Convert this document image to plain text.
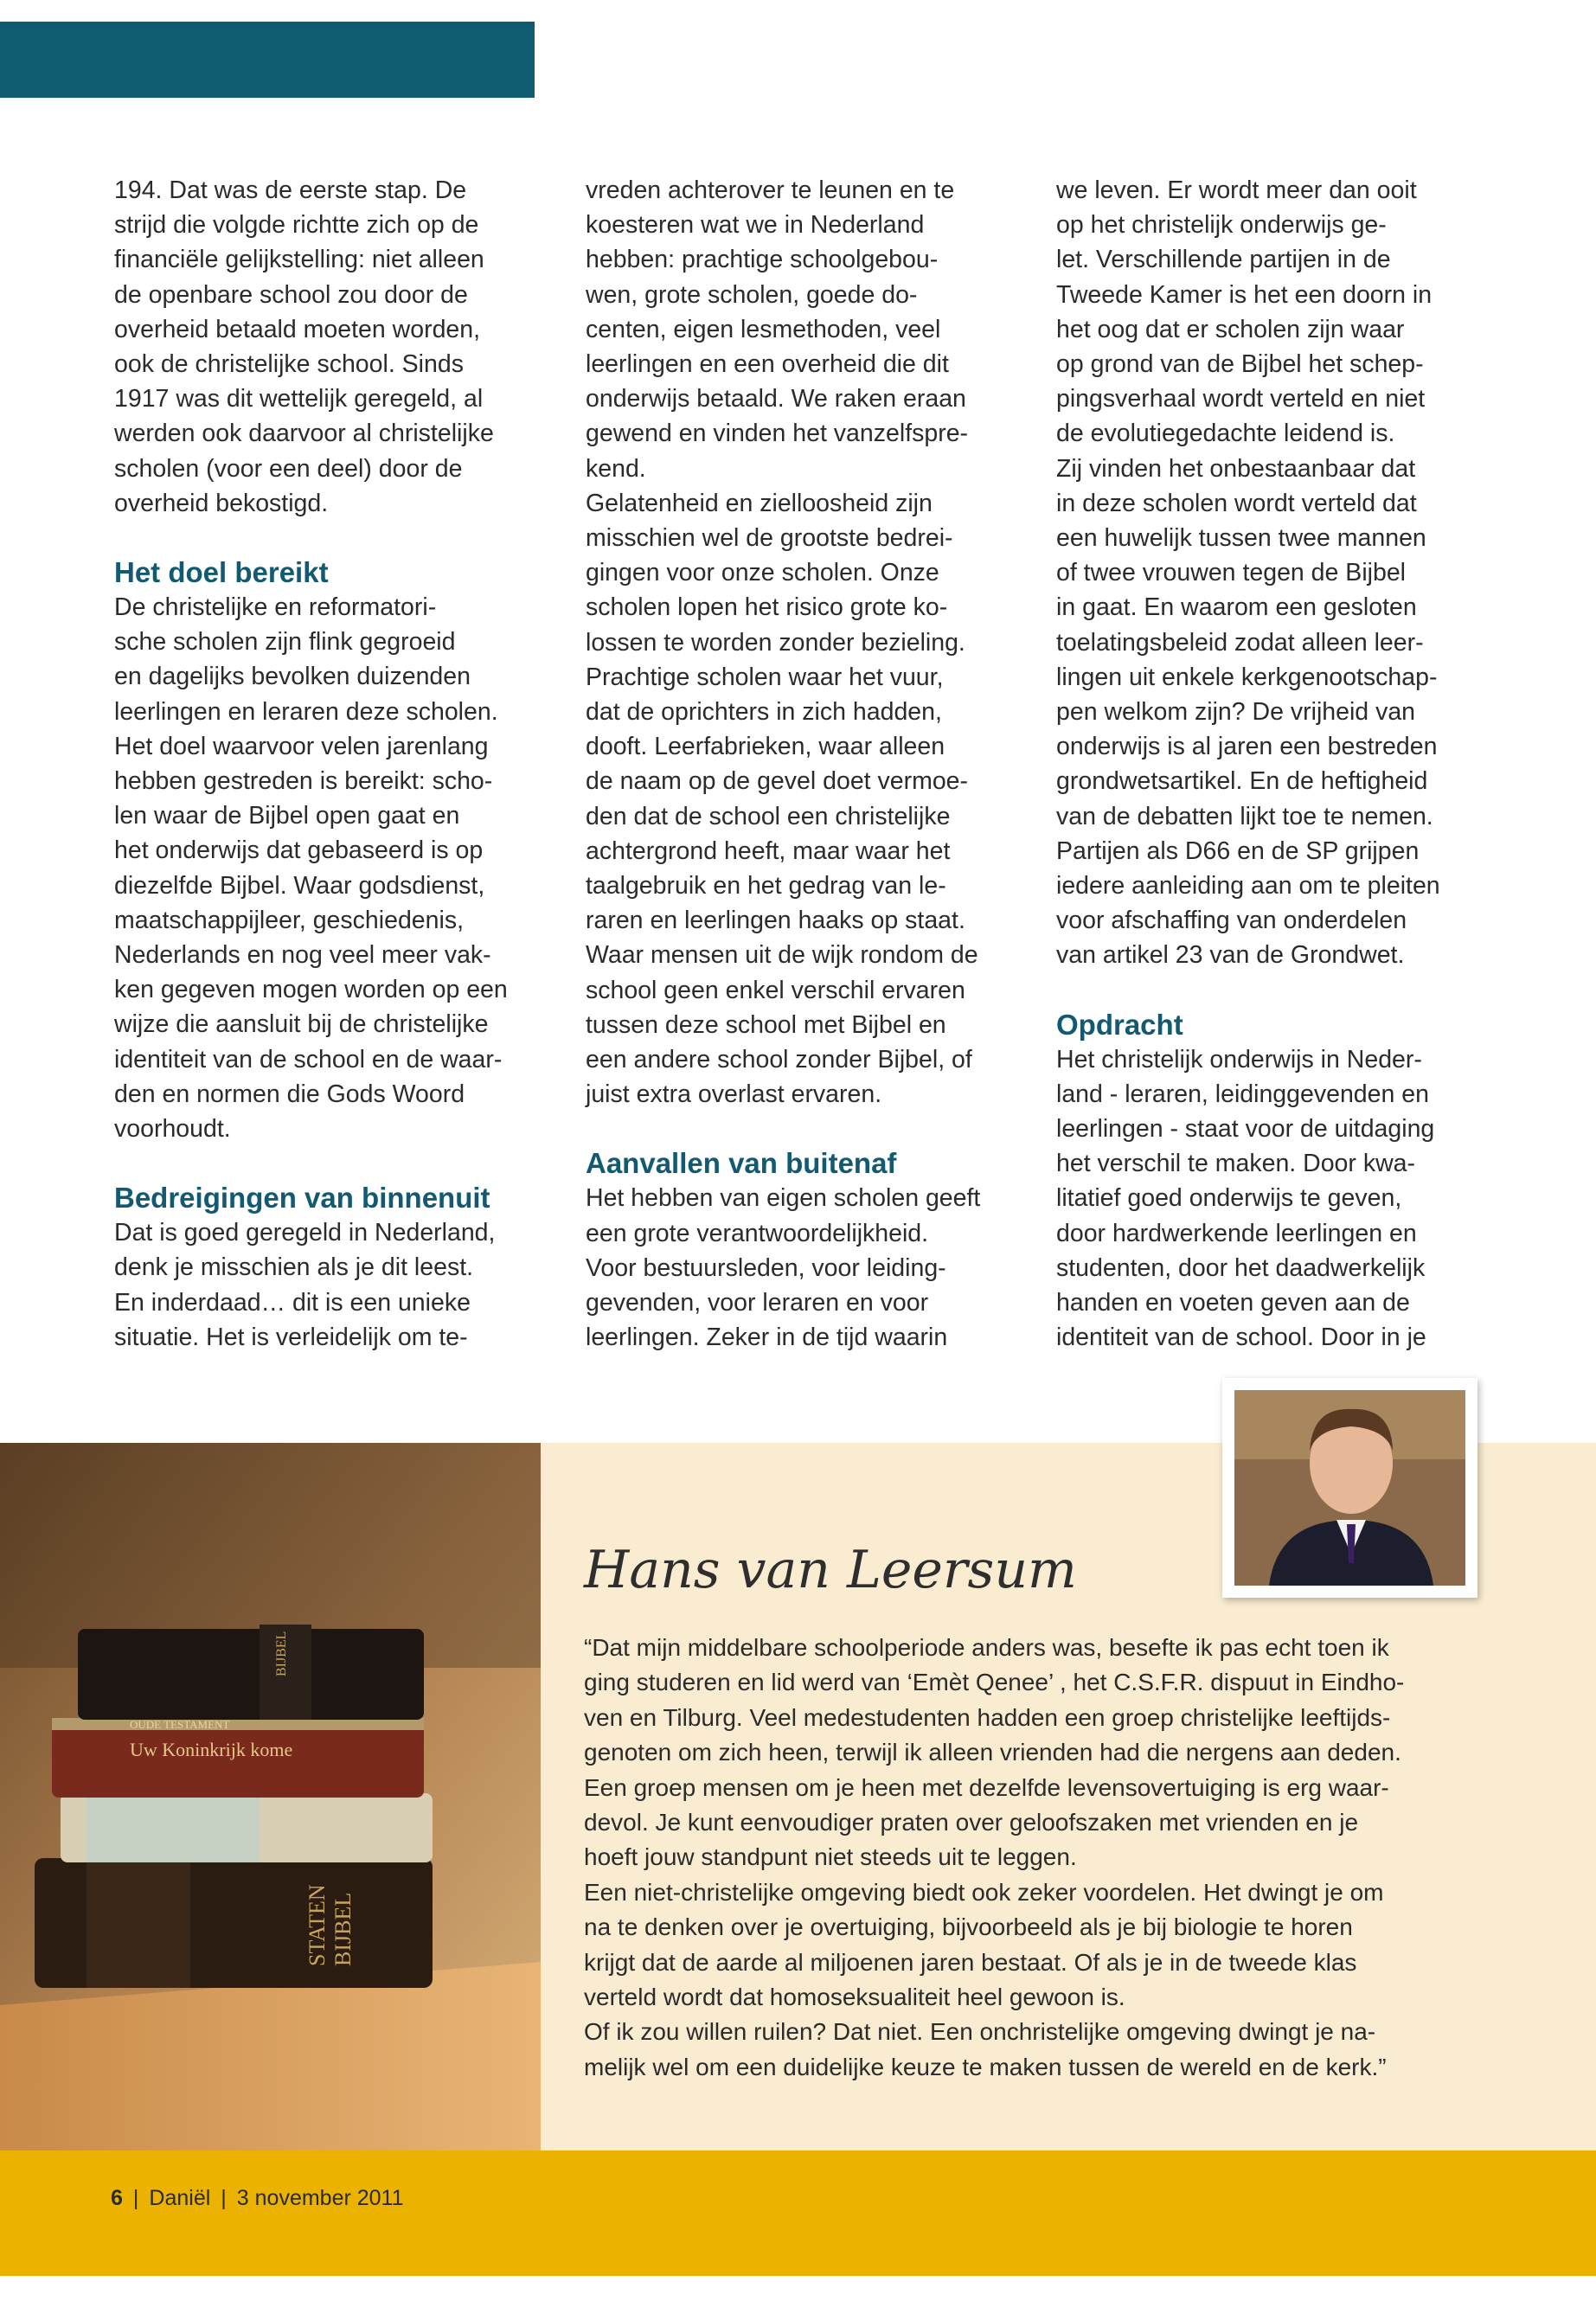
194. Dat was de eerste stap. De
strijd die volgde richtte zich op de
financiële gelijkstelling: niet alleen
de openbare school zou door de
overheid betaald moeten worden,
ook de christelijke school. Sinds
1917 was dit wettelijk geregeld, al
werden ook daarvoor al christelijke
scholen (voor een deel) door de
overheid bekostigd.

Het doel bereikt

De christelijke en reformatori-
sche scholen zijn flink gegroeid
en dagelijks bevolken duizenden
leerlingen en leraren deze scholen.
Het doel waarvoor velen jarenlang
hebben gestreden is bereikt: scho-
len waar de Bijbel open gaat en
het onderwijs dat gebaseerd is op
diezelfde Bijbel. Waar godsdienst,
maatschappijleer, geschiedenis,
Nederlands en nog veel meer vak-
ken gegeven mogen worden op een
wijze die aansluit bij de christelijke
identiteit van de school en de waar-
den en normen die Gods Woord
voorhoudt.

Bedreigingen van binnenuit

Dat is goed geregeld in Nederland,
denk je misschien als je dit leest.
En inderdaad… dit is een unieke
situatie. Het is verleidelijk om te-

vreden achterover te leunen en te
koesteren wat we in Nederland
hebben: prachtige schoolgebou-
wen, grote scholen, goede do-
centen, eigen lesmethoden, veel
leerlingen en een overheid die dit
onderwijs betaald. We raken eraan
gewend en vinden het vanzelfspre-
kend.
Gelatenheid en zielloosheid zijn
misschien wel de grootste bedrei-
gingen voor onze scholen. Onze
scholen lopen het risico grote ko-
lossen te worden zonder bezieling.
Prachtige scholen waar het vuur,
dat de oprichters in zich hadden,
dooft. Leerfabrieken, waar alleen
de naam op de gevel doet vermoe-
den dat de school een christelijke
achtergrond heeft, maar waar het
taalgebruik en het gedrag van le-
raren en leerlingen haaks op staat.
Waar mensen uit de wijk rondom de
school geen enkel verschil ervaren
tussen deze school met Bijbel en
een andere school zonder Bijbel, of
juist extra overlast ervaren.

Aanvallen van buitenaf

Het hebben van eigen scholen geeft
een grote verantwoordelijkheid.
Voor bestuursleden, voor leiding-
gevenden, voor leraren en voor
leerlingen. Zeker in de tijd waarin

we leven. Er wordt meer dan ooit
op het christelijk onderwijs ge-
let. Verschillende partijen in de
Tweede Kamer is het een doorn in
het oog dat er scholen zijn waar
op grond van de Bijbel het schep-
pingsverhaal wordt verteld en niet
de evolutiegedachte leidend is.
Zij vinden het onbestaanbaar dat
in deze scholen wordt verteld dat
een huwelijk tussen twee mannen
of twee vrouwen tegen de Bijbel
in gaat. En waarom een gesloten
toelatingsbeleid zodat alleen leer-
lingen uit enkele kerkgenootschap-
pen welkom zijn? De vrijheid van
onderwijs is al jaren een bestreden
grondwetsartikel. En de heftigheid
van de debatten lijkt toe te nemen.
Partijen als D66 en de SP grijpen
iedere aanleiding aan om te pleiten
voor afschaffing van onderdelen
van artikel 23 van de Grondwet.

Opdracht

Het christelijk onderwijs in Neder-
land - leraren, leidinggevenden en
leerlingen - staat voor de uitdaging
het verschil te maken. Door kwa-
litatief goed onderwijs te geven,
door hardwerkende leerlingen en
studenten, door het daadwerkelijk
handen en voeten geven aan de
identiteit van de school. Door in je

BIJBEL
OUDE TESTAMENT
Uw Koninkrijk kome
STATEN BIJBEL
Hans van Leersum
“Dat mijn middelbare schoolperiode anders was, besefte ik pas echt toen ik
ging studeren en lid werd van ‘Emèt Qenee’ , het C.S.F.R. dispuut in Eindho-
ven en Tilburg. Veel medestudenten hadden een groep christelijke leeftijds-
genoten om zich heen, terwijl ik alleen vrienden had die nergens aan deden.
Een groep mensen om je heen met dezelfde levensovertuiging is erg waar-
devol. Je kunt eenvoudiger praten over geloofszaken met vrienden en je
hoeft jouw standpunt niet steeds uit te leggen.
Een niet-christelijke omgeving biedt ook zeker voordelen. Het dwingt je om
na te denken over je overtuiging, bijvoorbeeld als je bij biologie te horen
krijgt dat de aarde al miljoenen jaren bestaat. Of als je in de tweede klas
verteld wordt dat homoseksualiteit heel gewoon is.
Of ik zou willen ruilen? Dat niet. Een onchristelijke omgeving dwingt je na-
melijk wel om een duidelijke keuze te maken tussen de wereld en de kerk.”
6 | Daniël | 3 november 2011
